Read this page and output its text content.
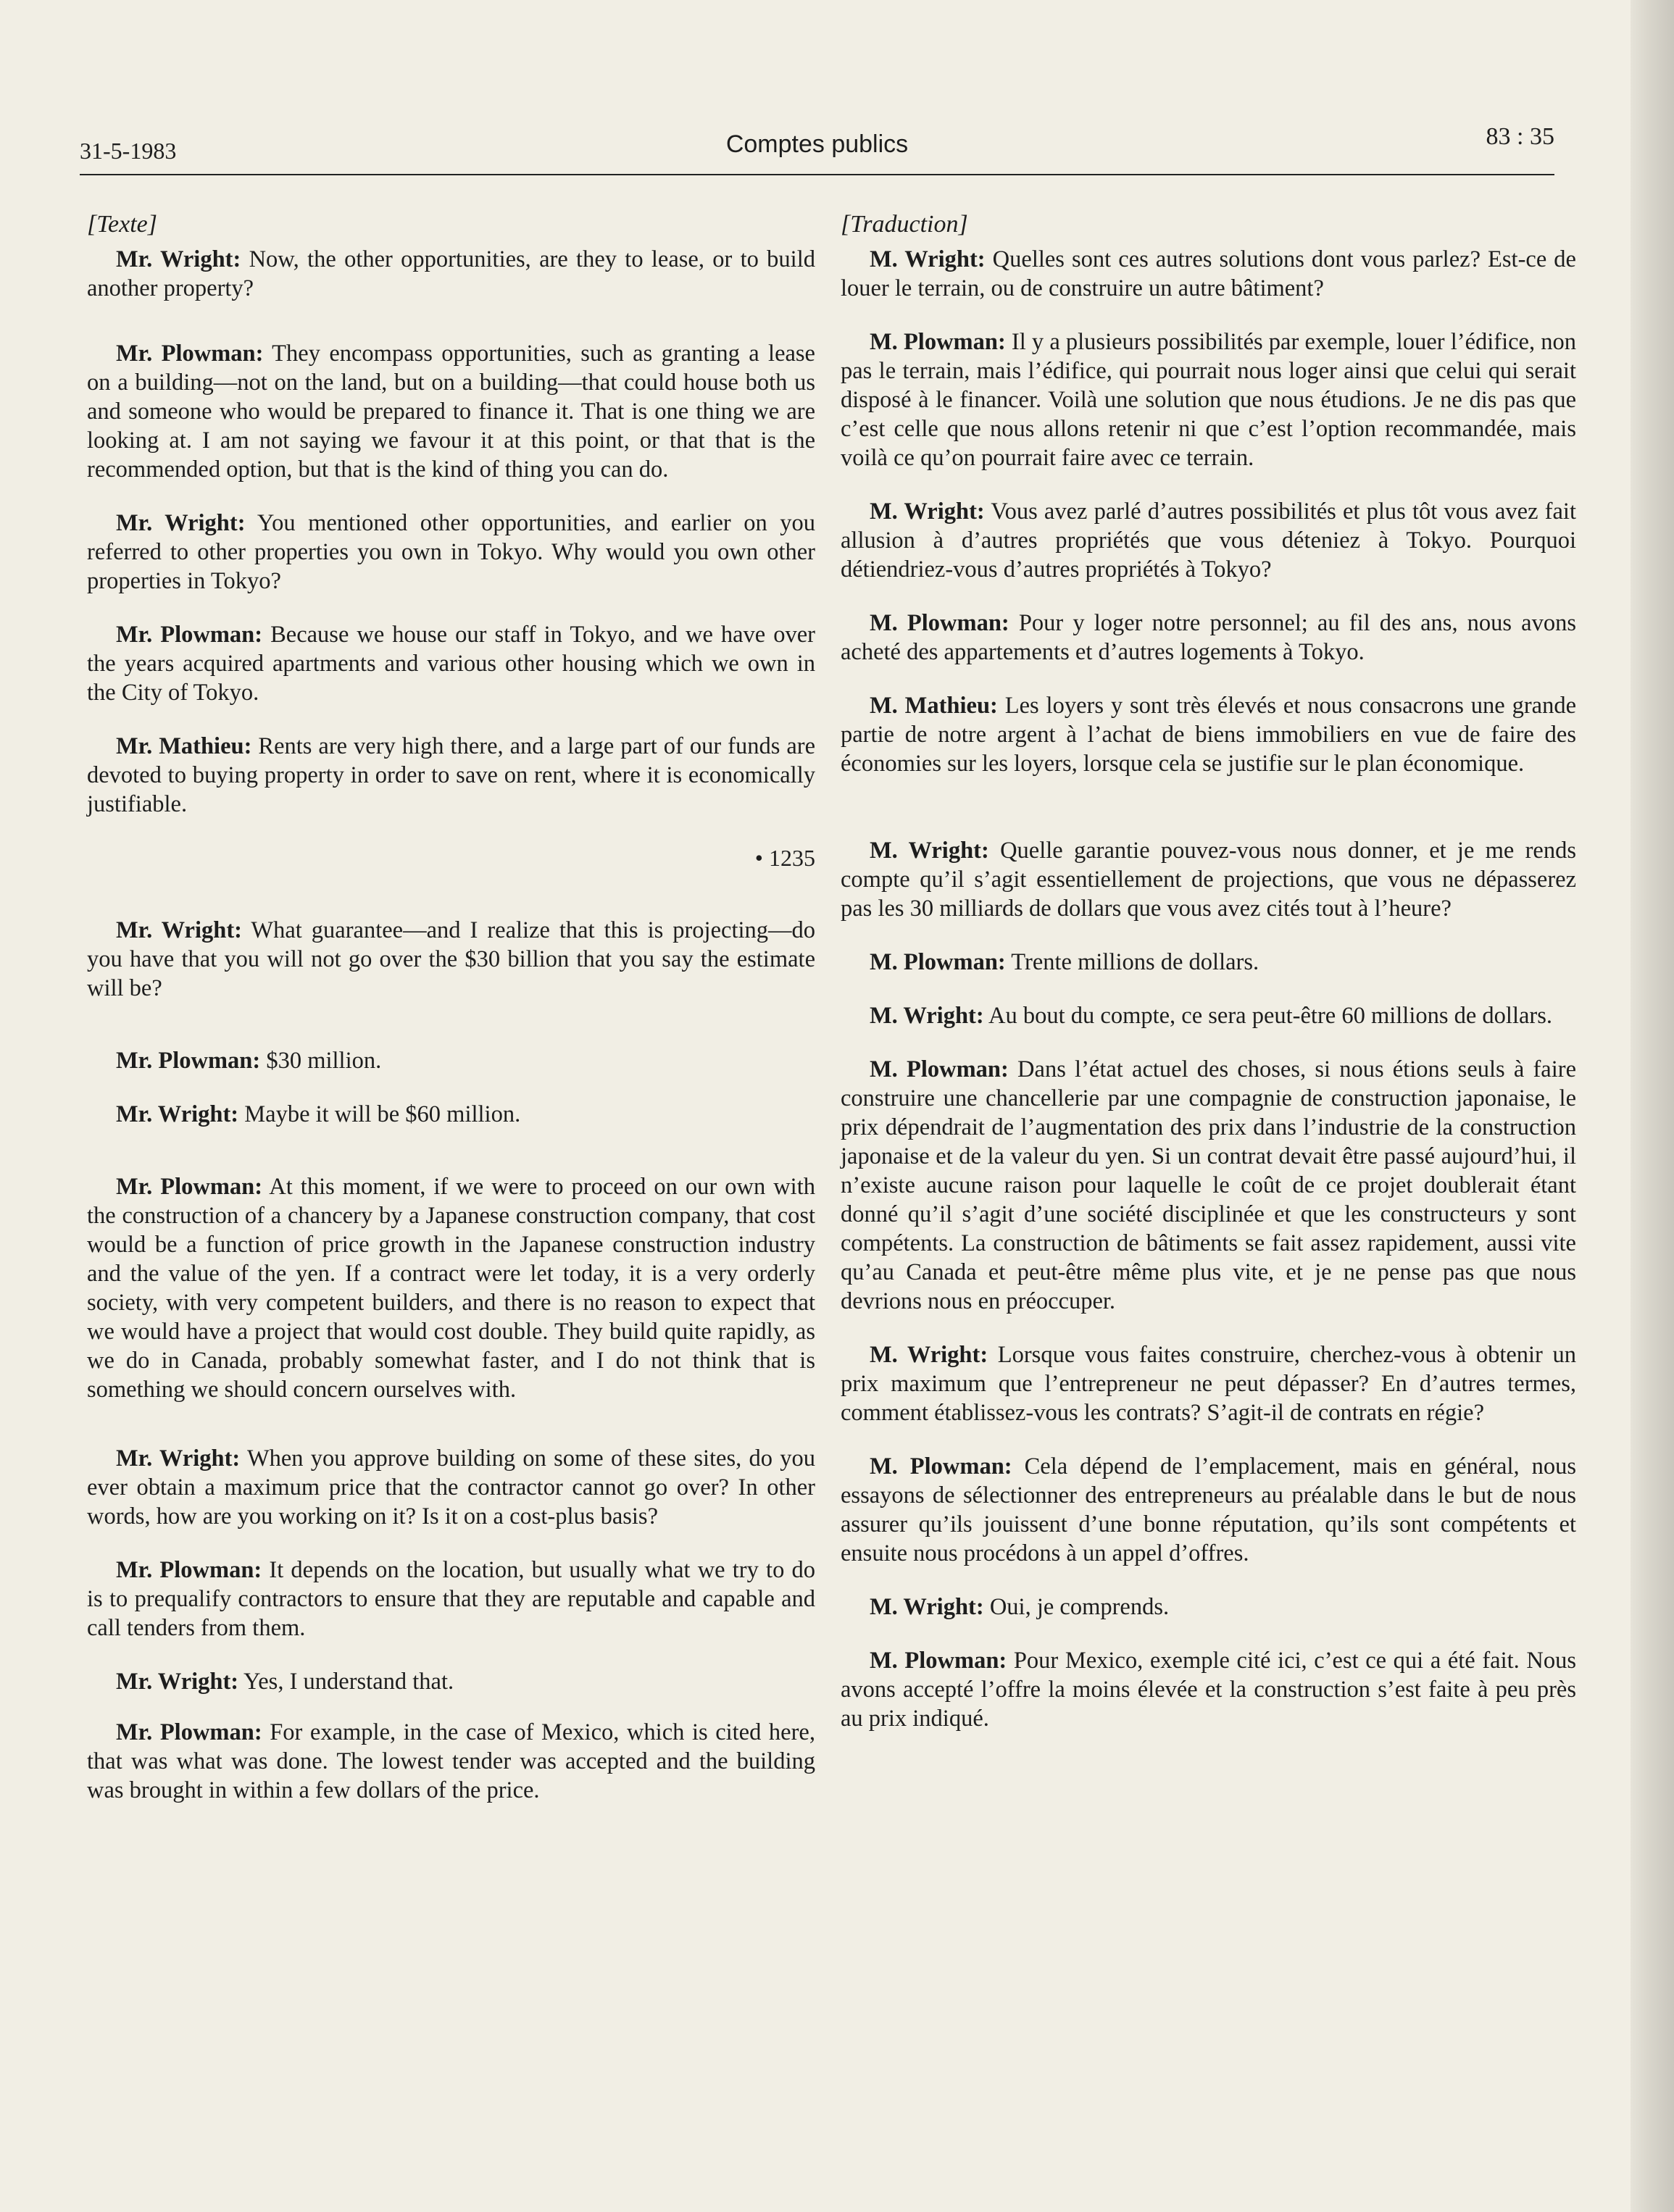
31-5-1983	Comptes publics	83 : 35
[Texte]

Mr. Wright: Now, the other opportunities, are they to lease, or to build another property?

Mr. Plowman: They encompass opportunities, such as granting a lease on a building—not on the land, but on a building—that could house both us and someone who would be prepared to finance it. That is one thing we are looking at. I am not saying we favour it at this point, or that that is the recommended option, but that is the kind of thing you can do.

Mr. Wright: You mentioned other opportunities, and earlier on you referred to other properties you own in Tokyo. Why would you own other properties in Tokyo?

Mr. Plowman: Because we house our staff in Tokyo, and we have over the years acquired apartments and various other housing which we own in the City of Tokyo.

Mr. Mathieu: Rents are very high there, and a large part of our funds are devoted to buying property in order to save on rent, where it is economically justifiable.

• 1235

Mr. Wright: What guarantee—and I realize that this is projecting—do you have that you will not go over the $30 billion that you say the estimate will be?

Mr. Plowman: $30 million.

Mr. Wright: Maybe it will be $60 million.

Mr. Plowman: At this moment, if we were to proceed on our own with the construction of a chancery by a Japanese construction company, that cost would be a function of price growth in the Japanese construction industry and the value of the yen. If a contract were let today, it is a very orderly society, with very competent builders, and there is no reason to expect that we would have a project that would cost double. They build quite rapidly, as we do in Canada, probably somewhat faster, and I do not think that is something we should concern ourselves with.

Mr. Wright: When you approve building on some of these sites, do you ever obtain a maximum price that the contractor cannot go over? In other words, how are you working on it? Is it on a cost-plus basis?

Mr. Plowman: It depends on the location, but usually what we try to do is to prequalify contractors to ensure that they are reputable and capable and call tenders from them.

Mr. Wright: Yes, I understand that.

Mr. Plowman: For example, in the case of Mexico, which is cited here, that was what was done. The lowest tender was accepted and the building was brought in within a few dollars of the price.

[Traduction]

M. Wright: Quelles sont ces autres solutions dont vous parlez? Est-ce de louer le terrain, ou de construire un autre bâtiment?

M. Plowman: Il y a plusieurs possibilités par exemple, louer l’édifice, non pas le terrain, mais l’édifice, qui pourrait nous loger ainsi que celui qui serait disposé à le financer. Voilà une solution que nous étudions. Je ne dis pas que c’est celle que nous allons retenir ni que c’est l’option recommandée, mais voilà ce qu’on pourrait faire avec ce terrain.

M. Wright: Vous avez parlé d’autres possibilités et plus tôt vous avez fait allusion à d’autres propriétés que vous déteniez à Tokyo. Pourquoi détiendriez-vous d’autres propriétés à Tokyo?

M. Plowman: Pour y loger notre personnel; au fil des ans, nous avons acheté des appartements et d’autres logements à Tokyo.

M. Mathieu: Les loyers y sont très élevés et nous consacrons une grande partie de notre argent à l’achat de biens immobiliers en vue de faire des économies sur les loyers, lorsque cela se justifie sur le plan économique.

M. Wright: Quelle garantie pouvez-vous nous donner, et je me rends compte qu’il s’agit essentiellement de projections, que vous ne dépasserez pas les 30 milliards de dollars que vous avez cités tout à l’heure?

M. Plowman: Trente millions de dollars.

M. Wright: Au bout du compte, ce sera peut-être 60 millions de dollars.

M. Plowman: Dans l’état actuel des choses, si nous étions seuls à faire construire une chancellerie par une compagnie de construction japonaise, le prix dépendrait de l’augmentation des prix dans l’industrie de la construction japonaise et de la valeur du yen. Si un contrat devait être passé aujourd’hui, il n’existe aucune raison pour laquelle le coût de ce projet doublerait étant donné qu’il s’agit d’une société disciplinée et que les constructeurs y sont compétents. La construction de bâtiments se fait assez rapidement, aussi vite qu’au Canada et peut-être même plus vite, et je ne pense pas que nous devrions nous en préoccuper.

M. Wright: Lorsque vous faites construire, cherchez-vous à obtenir un prix maximum que l’entrepreneur ne peut dépasser? En d’autres termes, comment établissez-vous les contrats? S’agit-il de contrats en régie?

M. Plowman: Cela dépend de l’emplacement, mais en général, nous essayons de sélectionner des entrepreneurs au préalable dans le but de nous assurer qu’ils jouissent d’une bonne réputation, qu’ils sont compétents et ensuite nous procédons à un appel d’offres.

M. Wright: Oui, je comprends.

M. Plowman: Pour Mexico, exemple cité ici, c’est ce qui a été fait. Nous avons accepté l’offre la moins élevée et la construction s’est faite à peu près au prix indiqué.
